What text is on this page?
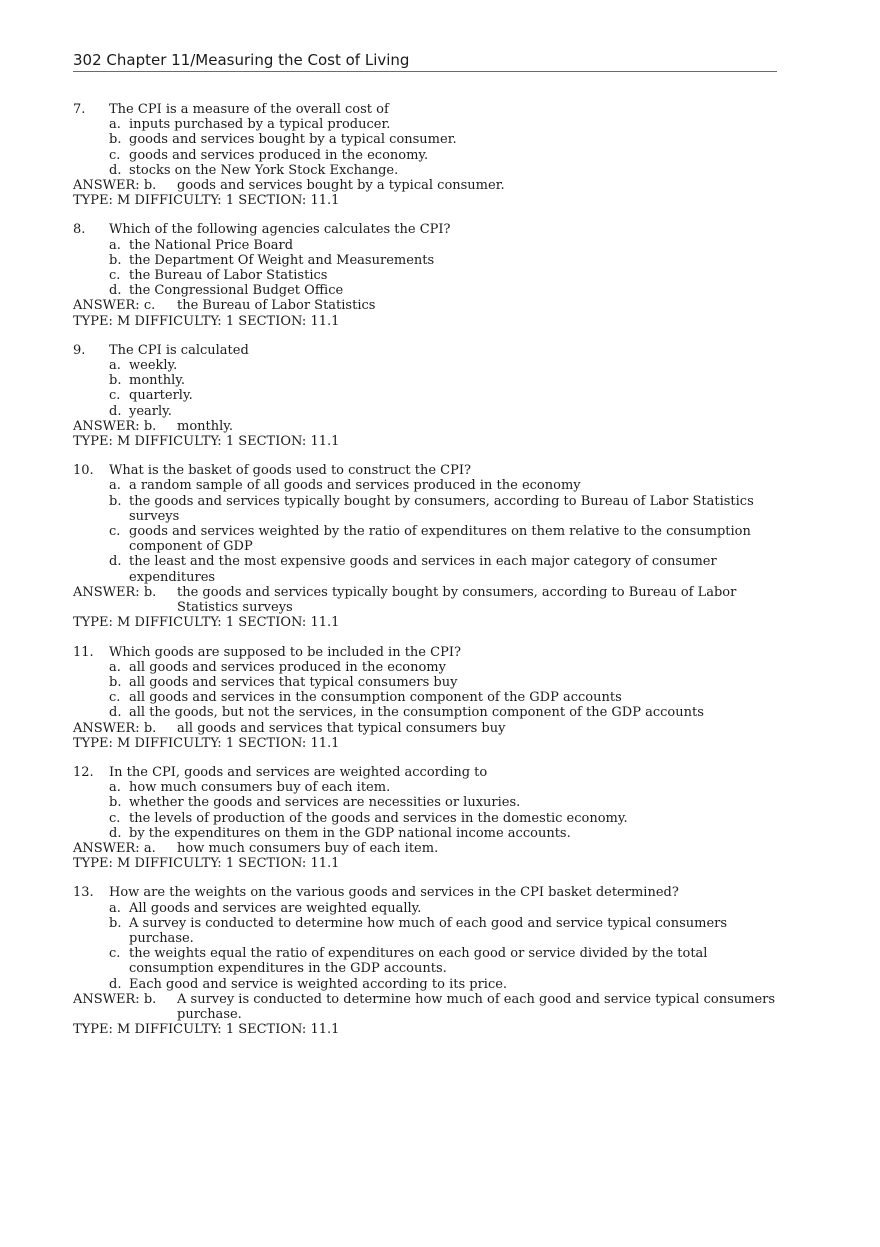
302 Chapter 11/Measuring the Cost of Living
7.	The CPI is a measure of the overall cost of
a. inputs purchased by a typical producer.
b. goods and services bought by a typical consumer.
c. goods and services produced in the economy.
d. stocks on the New York Stock Exchange.
ANSWER: b.	goods and services bought by a typical consumer.
TYPE: M DIFFICULTY: 1 SECTION: 11.1
8.	Which of the following agencies calculates the CPI?
a. the National Price Board
b. the Department Of Weight and Measurements
c. the Bureau of Labor Statistics
d. the Congressional Budget Office
ANSWER: c.	the Bureau of Labor Statistics
TYPE: M DIFFICULTY: 1 SECTION: 11.1
9.	The CPI is calculated
a. weekly.
b. monthly.
c. quarterly.
d. yearly.
ANSWER: b.	monthly.
TYPE: M DIFFICULTY: 1 SECTION: 11.1
10.	What is the basket of goods used to construct the CPI?
a. a random sample of all goods and services produced in the economy
b. the goods and services typically bought by consumers, according to Bureau of Labor Statistics surveys
c. goods and services weighted by the ratio of expenditures on them relative to the consumption component of GDP
d. the least and the most expensive goods and services in each major category of consumer expenditures
ANSWER: b.	the goods and services typically bought by consumers, according to Bureau of Labor Statistics surveys
TYPE: M DIFFICULTY: 1 SECTION: 11.1
11.	Which goods are supposed to be included in the CPI?
a. all goods and services produced in the economy
b. all goods and services that typical consumers buy
c. all goods and services in the consumption component of the GDP accounts
d. all the goods, but not the services, in the consumption component of the GDP accounts
ANSWER: b.	all goods and services that typical consumers buy
TYPE: M DIFFICULTY: 1 SECTION: 11.1
12.	In the CPI, goods and services are weighted according to
a. how much consumers buy of each item.
b. whether the goods and services are necessities or luxuries.
c. the levels of production of the goods and services in the domestic economy.
d. by the expenditures on them in the GDP national income accounts.
ANSWER: a.	how much consumers buy of each item.
TYPE: M DIFFICULTY: 1 SECTION: 11.1
13.	How are the weights on the various goods and services in the CPI basket determined?
a. All goods and services are weighted equally.
b. A survey is conducted to determine how much of each good and service typical consumers purchase.
c. the weights equal the ratio of expenditures on each good or service divided by the total consumption expenditures in the GDP accounts.
d. Each good and service is weighted according to its price.
ANSWER: b.	A survey is conducted to determine how much of each good and service typical consumers purchase.
TYPE: M DIFFICULTY: 1 SECTION: 11.1
